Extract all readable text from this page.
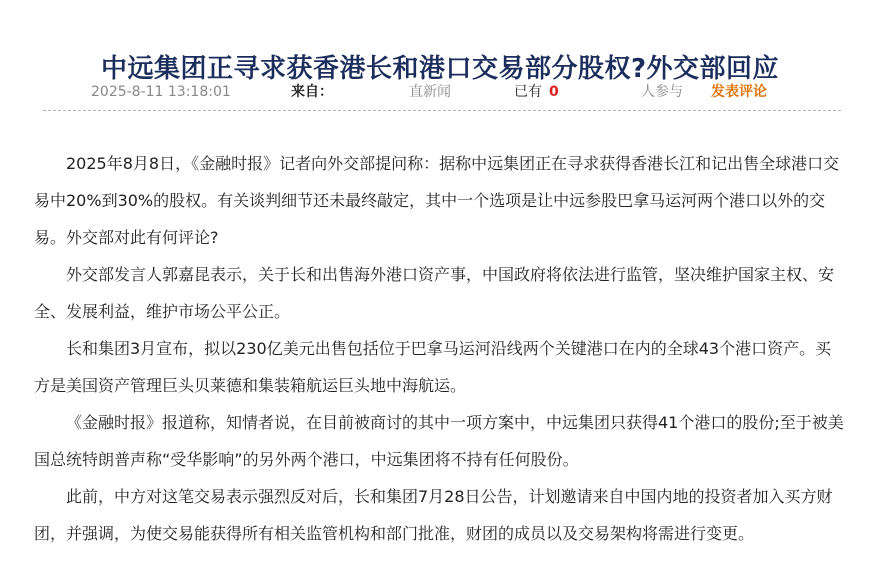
中远集团正寻求获香港长和港口交易部分股权?外交部回应
2025-8-11 13:18:01	来自：	直新闻	已有 0	人参与 发表评论

2025年8月8日，《金融时报》记者向外交部提问称：据称中远集团正在寻求获得香港长江和记出售全球港口交易中20%到30%的股权。有关谈判细节还未最终敲定，其中一个选项是让中远参股巴拿马运河两个港口以外的交易。外交部对此有何评论?

外交部发言人郭嘉昆表示，关于长和出售海外港口资产事，中国政府将依法进行监管，坚决维护国家主权、安全、发展利益，维护市场公平公正。

长和集团3月宣布，拟以230亿美元出售包括位于巴拿马运河沿线两个关键港口在内的全球43个港口资产。买方是美国资产管理巨头贝莱德和集装箱航运巨头地中海航运。

《金融时报》报道称，知情者说，在目前被商讨的其中一项方案中，中远集团只获得41个港口的股份;至于被美国总统特朗普声称“受华影响”的另外两个港口，中远集团将不持有任何股份。

此前，中方对这笔交易表示强烈反对后，长和集团7月28日公告，计划邀请来自中国内地的投资者加入买方财团，并强调，为使交易能获得所有相关监管机构和部门批准，财团的成员以及交易架构将需进行变更。
